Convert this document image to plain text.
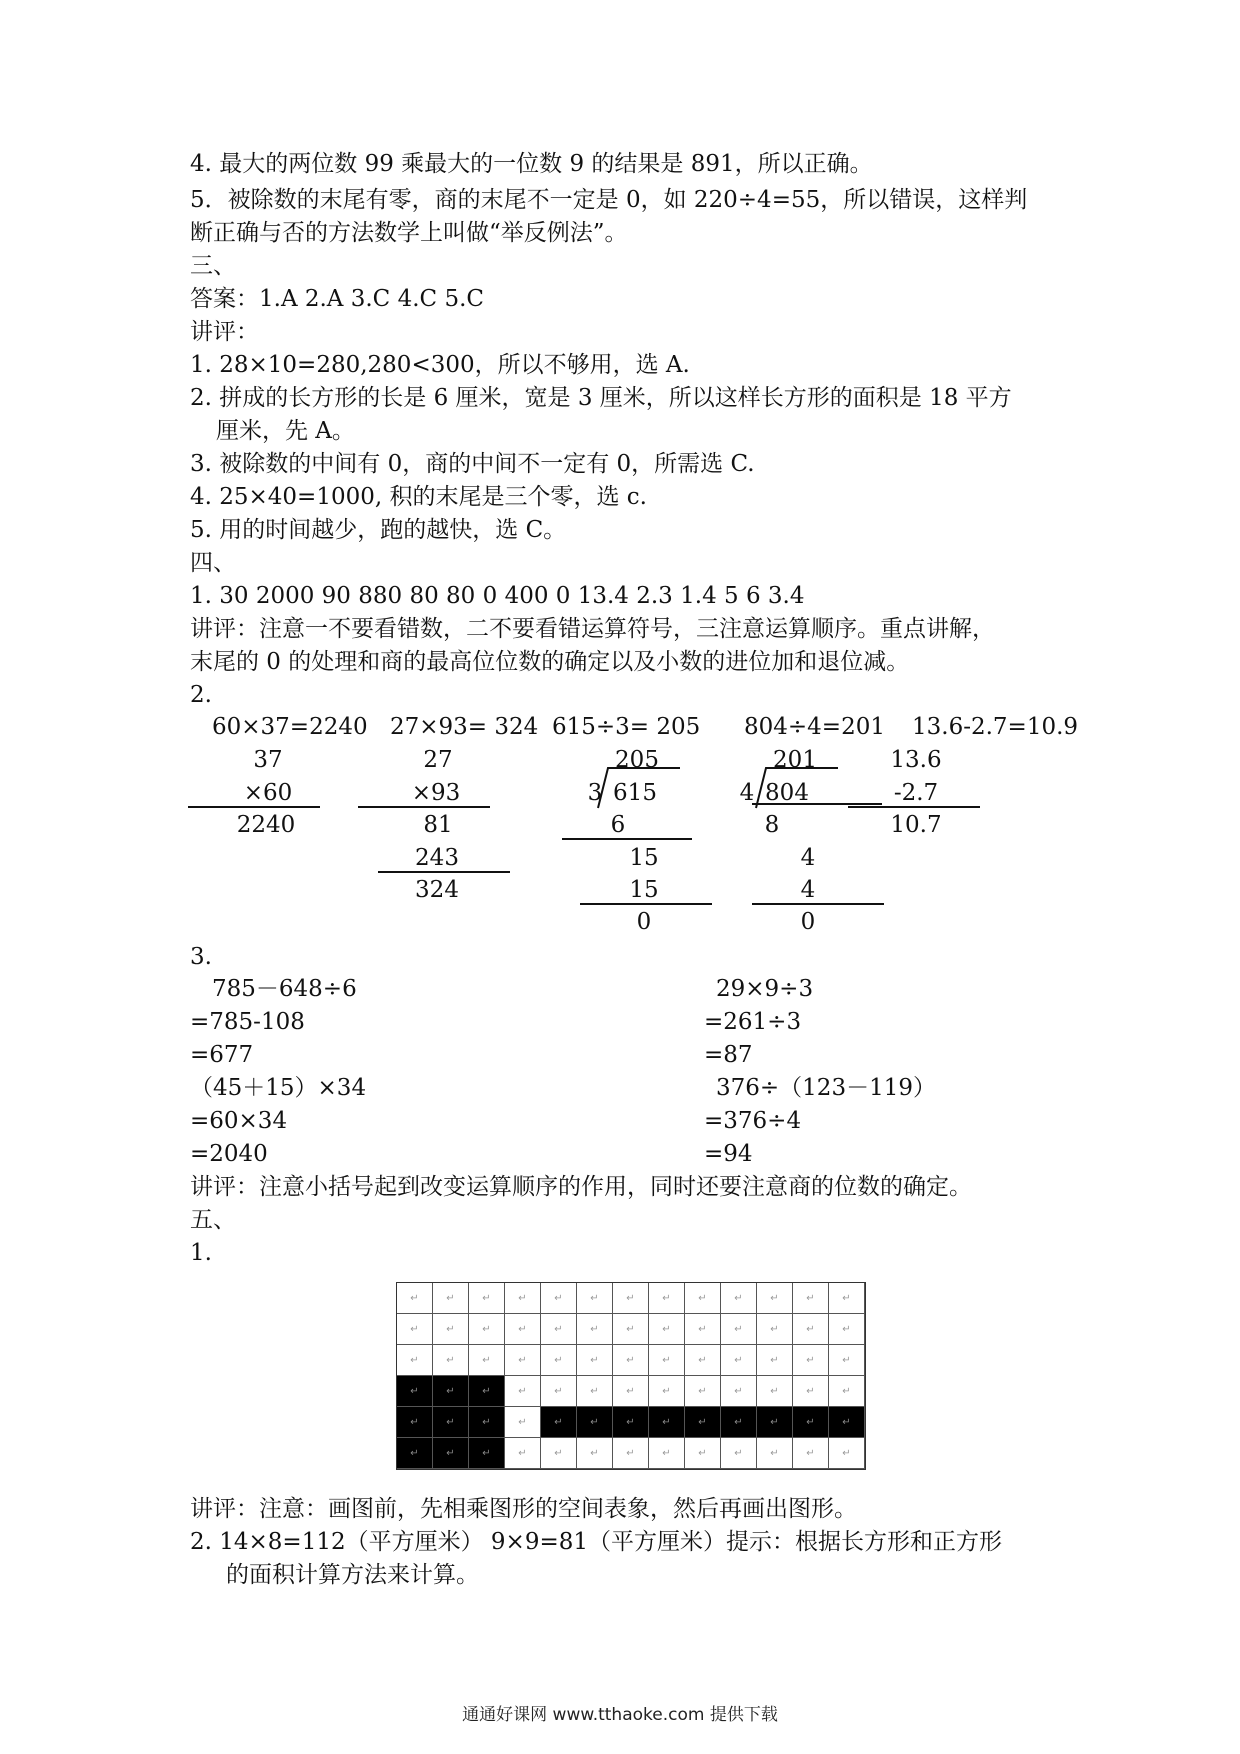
4. 最大的两位数 99 乘最大的一位数 9 的结果是 891，所以正确。
5．被除数的末尾有零，商的末尾不一定是 0，如 220÷4=55，所以错误，这样判
断正确与否的方法数学上叫做“举反例法”。
三、
答案：1.A 2.A 3.C 4.C 5.C
讲评：
1. 28×10=280,280<300，所以不够用，选 A.
2. 拼成的长方形的长是 6 厘米，宽是 3 厘米，所以这样长方形的面积是 18 平方
厘米，先 A。
3. 被除数的中间有 0，商的中间不一定有 0，所需选 C.
4. 25×40=1000, 积的末尾是三个零，选 c.
5. 用的时间越少，跑的越快，选 C。
四、
1. 30 2000 90 880 80 80 0 400 0 13.4 2.3 1.4 5 6 3.4
讲评：注意一不要看错数，二不要看错运算符号，三注意运算顺序。重点讲解，
末尾的 0 的处理和商的最高位位数的确定以及小数的进位加和退位减。
2.
60×37=2240 27×93= 324 615÷3= 205 804÷4=201 13.6-2.7=10.9
37
×60
2240
27
×93
81
243
324
205
3 615
6
15
15
0
201
4 804
8
4
4
0
13.6
-2.7
10.7
3.
785－648÷6
=785-108
=677
（45＋15）×34
=60×34
=2040
29×9÷3
=261÷3
=87
376÷（123－119）
=376÷4
=94
讲评：注意小括号起到改变运算顺序的作用，同时还要注意商的位数的确定。
五、
1.
↵	↵	↵	↵	↵	↵	↵	↵	↵	↵	↵	↵	↵
↵	↵	↵	↵	↵	↵	↵	↵	↵	↵	↵	↵	↵
↵	↵	↵	↵	↵	↵	↵	↵	↵	↵	↵	↵	↵
↵	↵	↵	↵	↵	↵	↵	↵	↵	↵	↵	↵	↵
↵	↵	↵	↵	↵	↵	↵	↵	↵	↵	↵	↵	↵
↵	↵	↵	↵	↵	↵	↵	↵	↵	↵	↵	↵	↵
讲评：注意：画图前，先相乘图形的空间表象，然后再画出图形。
2. 14×8=112（平方厘米） 9×9=81（平方厘米）提示：根据长方形和正方形
的面积计算方法来计算。
通通好课网 www.tthaoke.com 提供下载
